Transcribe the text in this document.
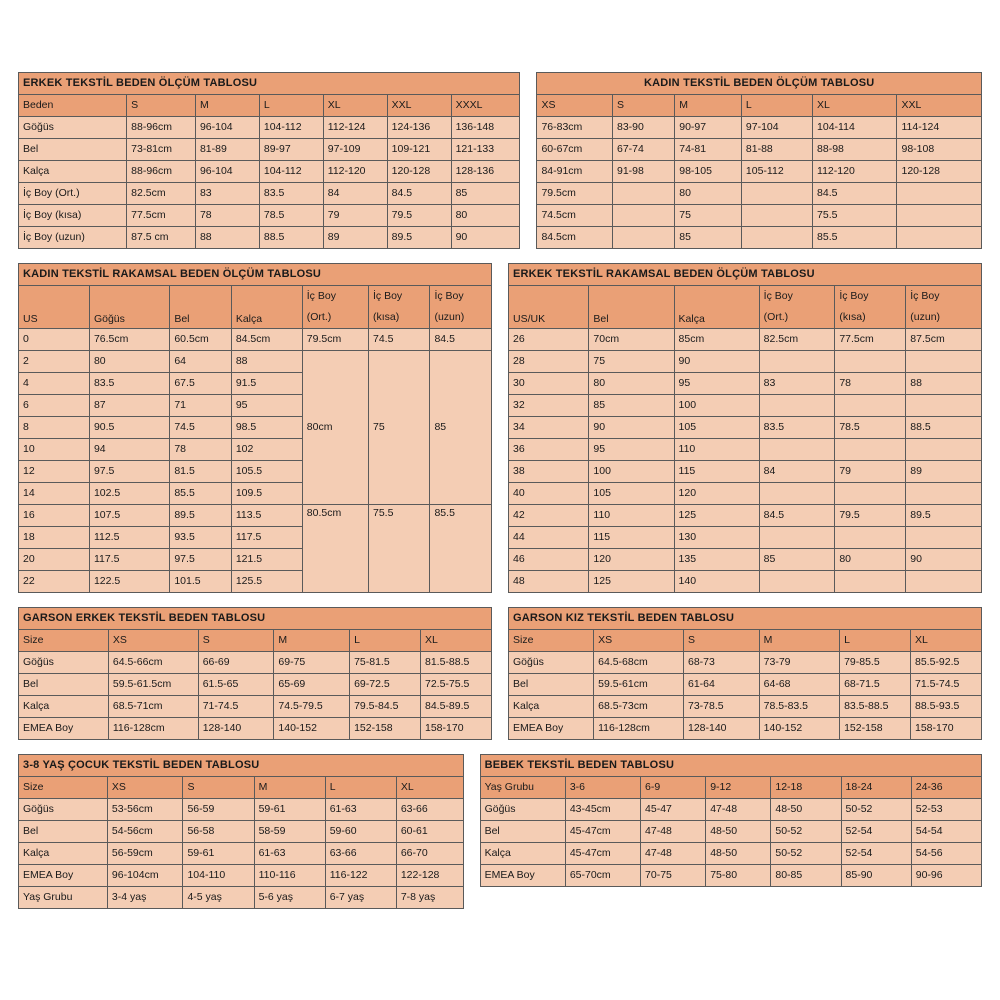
ERKEK TEKSTİL BEDEN ÖLÇÜM TABLOSU						
Beden	S	M	L	XL	XXL	XXXL
Göğüs	88-96cm	96-104	104-112	112-124	124-136	136-148
Bel	73-81cm	81-89	89-97	97-109	109-121	121-133
Kalça	88-96cm	96-104	104-112	112-120	120-128	128-136
İç Boy (Ort.)	82.5cm	83	83.5	84	84.5	85
İç Boy (kısa)	77.5cm	78	78.5	79	79.5	80
İç Boy (uzun)	87.5 cm	88	88.5	89	89.5	90
KADIN TEKSTİL BEDEN ÖLÇÜM TABLOSU					
XS	S	M	L	XL	XXL
76-83cm	83-90	90-97	97-104	104-114	114-124
60-67cm	67-74	74-81	81-88	88-98	98-108
84-91cm	91-98	98-105	105-112	112-120	120-128
79.5cm		80		84.5	
74.5cm		75		75.5	
84.5cm		85		85.5	
KADIN TEKSTİL RAKAMSAL BEDEN ÖLÇÜM TABLOSU						
US	Göğüs	Bel	Kalça	İç Boy	İç Boy	İç Boy
				(Ort.)	(kısa)	(uzun)
0	76.5cm	60.5cm	84.5cm	79.5cm	74.5	84.5
2	80	64	88	80cm	75	85
4	83.5	67.5	91.5			
6	87	71	95			
8	90.5	74.5	98.5			
10	94	78	102			
12	97.5	81.5	105.5			
14	102.5	85.5	109.5			
16	107.5	89.5	113.5	80.5cm	75.5	85.5
18	112.5	93.5	117.5			
20	117.5	97.5	121.5			
22	122.5	101.5	125.5			
ERKEK TEKSTİL RAKAMSAL BEDEN ÖLÇÜM TABLOSU					
US/UK	Bel	Kalça	İç Boy	İç Boy	İç Boy
			(Ort.)	(kısa)	(uzun)
26	70cm	85cm	82.5cm	77.5cm	87.5cm
28	75	90			
30	80	95	83	78	88
32	85	100			
34	90	105	83.5	78.5	88.5
36	95	110			
38	100	115	84	79	89
40	105	120			
42	110	125	84.5	79.5	89.5
44	115	130			
46	120	135	85	80	90
48	125	140			
GARSON ERKEK TEKSTİL BEDEN TABLOSU					
Size	XS	S	M	L	XL
Göğüs	64.5-66cm	66-69	69-75	75-81.5	81.5-88.5
Bel	59.5-61.5cm	61.5-65	65-69	69-72.5	72.5-75.5
Kalça	68.5-71cm	71-74.5	74.5-79.5	79.5-84.5	84.5-89.5
EMEA Boy	116-128cm	128-140	140-152	152-158	158-170
GARSON KIZ TEKSTİL BEDEN TABLOSU					
Size	XS	S	M	L	XL
Göğüs	64.5-68cm	68-73	73-79	79-85.5	85.5-92.5
Bel	59.5-61cm	61-64	64-68	68-71.5	71.5-74.5
Kalça	68.5-73cm	73-78.5	78.5-83.5	83.5-88.5	88.5-93.5
EMEA Boy	116-128cm	128-140	140-152	152-158	158-170
3-8 YAŞ ÇOCUK TEKSTİL BEDEN TABLOSU					
Size	XS	S	M	L	XL
Göğüs	53-56cm	56-59	59-61	61-63	63-66
Bel	54-56cm	56-58	58-59	59-60	60-61
Kalça	56-59cm	59-61	61-63	63-66	66-70
EMEA Boy	96-104cm	104-110	110-116	116-122	122-128
Yaş Grubu	3-4 yaş	4-5 yaş	5-6 yaş	6-7 yaş	7-8 yaş
BEBEK TEKSTİL BEDEN TABLOSU						
Yaş Grubu	3-6	6-9	9-12	12-18	18-24	24-36
Göğüs	43-45cm	45-47	47-48	48-50	50-52	52-53
Bel	45-47cm	47-48	48-50	50-52	52-54	54-54
Kalça	45-47cm	47-48	48-50	50-52	52-54	54-56
EMEA Boy	65-70cm	70-75	75-80	80-85	85-90	90-96
